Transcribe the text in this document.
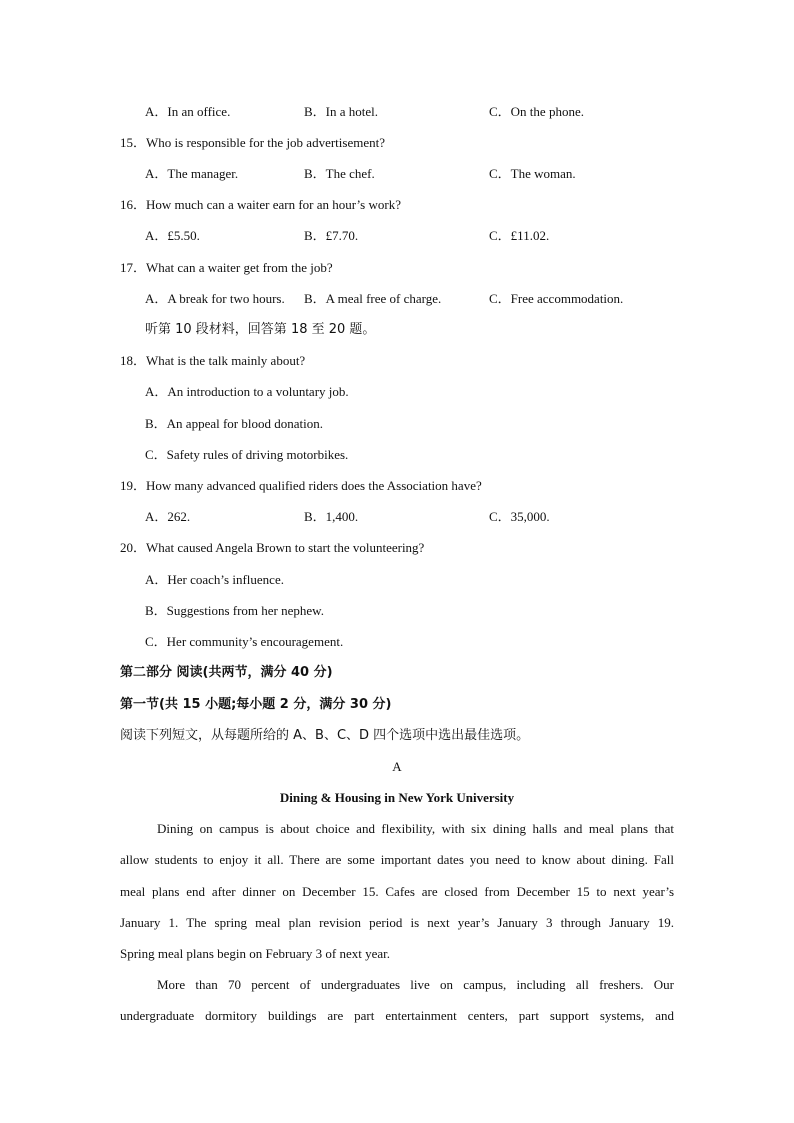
A．In an office.	B．In a hotel.	C．On the phone.
15．Who is responsible for the job advertisement?
A．The manager.	B．The chef.	C．The woman.
16．How much can a waiter earn for an hour’s work?
A．£5.50.	B．£7.70.	C．£11.02.
17．What can a waiter get from the job?
A．A break for two hours. B．A meal free of charge.	C．Free accommodation.
听第 10 段材料，回答第 18 至 20 题。
18．What is the talk mainly about?
A．An introduction to a voluntary job.
B．An appeal for blood donation.
C．Safety rules of driving motorbikes.
19．How many advanced qualified riders does the Association have?
A．262.	B．1,400.	C．35,000.
20．What caused Angela Brown to start the volunteering?
A．Her coach’s influence.
B．Suggestions from her nephew.
C．Her community’s encouragement.
第二部分 阅读(共两节，满分 40 分)
第一节(共 15 小题;每小题 2 分，满分 30 分)
阅读下列短文，从每题所给的 A、B、C、D 四个选项中选出最佳选项。
A
Dining & Housing in New York University
Dining on campus is about choice and flexibility, with six dining halls and meal plans that
allow students to enjoy it all. There are some important dates you need to know about dining. Fall
meal plans end after dinner on December 15. Cafes are closed from December 15 to next year’s
January 1. The spring meal plan revision period is next year’s January 3 through January 19.
Spring meal plans begin on February 3 of next year.
More than 70 percent of undergraduates live on campus, including all freshers. Our
undergraduate dormitory buildings are part entertainment centers, part support systems, and
